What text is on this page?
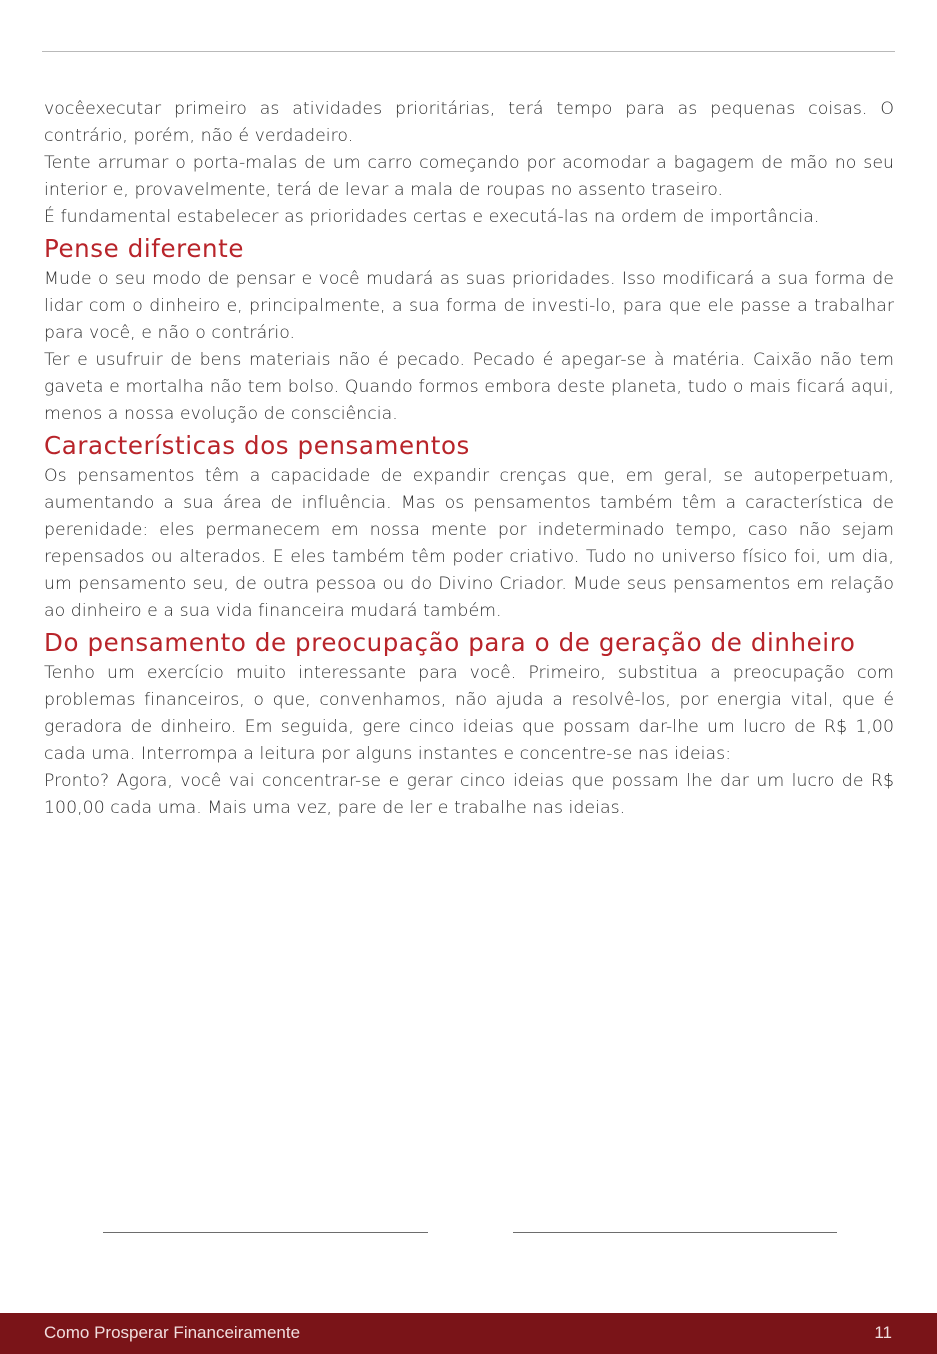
vocêexecutar primeiro as atividades prioritárias, terá tempo para as pequenas coisas. O contrário, porém, não é verdadeiro.

Tente arrumar o porta-malas de um carro começando por acomodar a bagagem de mão no seu interior e, provavelmente, terá de levar a mala de roupas no assento traseiro.

É fundamental estabelecer as prioridades certas e executá-las na ordem de importância.

Pense diferente

Mude o seu modo de pensar e você mudará as suas prioridades. Isso modificará a sua forma de lidar com o dinheiro e, principalmente, a sua forma de investi-lo, para que ele passe a trabalhar para você, e não o contrário.

Ter e usufruir de bens materiais não é pecado. Pecado é apegar-se à matéria. Caixão não tem gaveta e mortalha não tem bolso. Quando formos embora deste planeta, tudo o mais ficará aqui, menos a nossa evolução de consciência.

Características dos pensamentos

Os pensamentos têm a capacidade de expandir crenças que, em geral, se autoperpetuam, aumentando a sua área de influência. Mas os pensamentos também têm a característica de perenidade: eles permanecem em nossa mente por indeterminado tempo, caso não sejam repensados ou alterados. E eles também têm poder criativo. Tudo no universo físico foi, um dia, um pensamento seu, de outra pessoa ou do Divino Criador. Mude seus pensamentos em relação ao dinheiro e a sua vida financeira mudará também.

Do pensamento de preocupação para o de geração de dinheiro

Tenho um exercício muito interessante para você. Primeiro, substitua a preocupação com problemas financeiros, o que, convenhamos, não ajuda a resolvê-los, por energia vital, que é geradora de dinheiro. Em seguida, gere cinco ideias que possam dar-lhe um lucro de R$ 1,00 cada uma. Interrompa a leitura por alguns instantes e concentre-se nas ideias:

Pronto? Agora, você vai concentrar-se e gerar cinco ideias que possam lhe dar um lucro de R$ 100,00 cada uma. Mais uma vez, pare de ler e trabalhe nas ideias.

Como Prosperar Financeiramente	11
